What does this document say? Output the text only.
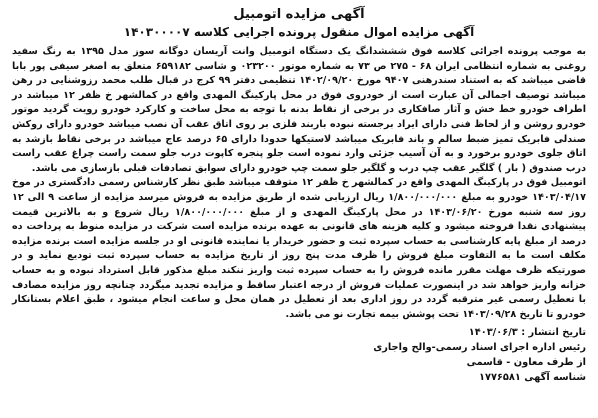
آگهی مزایده اتومبیل
آگهی مزایده اموال منقول پرونده اجرایی کلاسه ۱۴۰۳۰۰۰۰۷

به موجب پرونده اجرائی کلاسه فوق شششدانگ یک دستگاه اتومبیل وانت آریسان دوگانه سوز مدل ۱۳۹۵ به رنگ سفید روغنی به شماره انتظامی ایران ۶۸ - ۲۷۵ ص ۷۳ به شماره موتور ۰۲۳۲۰۰ و شاسی ۶۵۹۱۸۲ متعلق به اصغر سیفی پور بابا قاضی میباشد که به استناد سندرهنی ۹۴۰۷ مورخ ۱۴۰۲/۰۹/۲۰ تنظیمی دفتر ۹۹ کرج در قبال طلب محمد رزوشنایی در رهن میباشد توصیف اجمالی آن عبارت است از خودروی فوق در محل پارکینگ المهدی واقع در کمالشهر خ ظفر ۱۲ میباشد در اطراف خودرو خط خش و آثار صافکاری در برخی از نقاط بدنه با توجه به محل ساخت و کارکرد خودرو رویت گردید موتور خودرو روشن و از لحاظ فنی دارای ایراد برجسته نبوده باربند فلزی بر روی اتاق عقب آن نصب میباشد خودرو دارای روکش صندلی فابریک تمیز ضبط سالم و باند فابریک میباشد لاستیکها حدودا دارای ۶۵ درصد عاج میباشد در برخی نقاط بازشد به اتاق جلوی خودرو برخورد و به آن آسیب جزئی وارد نموده است جلو پنجره کاپوت درب جلو سمت راست چراغ عقب راست درب صندوق ( بار ) گلگیر عقب چپ درب و گلگیر جلو سمت چپ خودرو دارای سوابق تصادفات قبلی بازسازی می باشد.

اتومبیل فوق در پارکینگ المهدی واقع در کمالشهر خ ظفر ۱۲ متوقف میباشد طبق نظر کارشناس رسمی دادگستری در موخ ۱۴۰۳/۰۴/۱۷ خودرو به مبلغ ۱/۸۰۰/۰۰۰/۰۰۰ ریال ارزیابی شده از طریق مزایده به فروش میرسد مزایده از ساعت ۹ الی ۱۲ روز سه شنبه مورخ ۱۴۰۳/۰۶/۲۰ در محل پارکینگ المهدی و از مبلغ ۱/۸۰۰/۰۰۰/۰۰۰ ریال شروع و به بالاترین قیمت پیشنهادی نقدا فروخته میشود و کلیه هزینه های قانونی به عهده برنده مزایده است شرکت در مزایده منوط به پرداخت ده درصد از مبلغ پایه کارشناسی به حساب سپرده ثبت و حضور خریدار یا نماینده قانونی او در جلسه مزایده است برنده مزایده مکلف است ما به التفاوت مبلغ فروش را ظرف مدت پنج روز از تاریخ مزایده به حساب سپرده ثبت تودیع نماید و در صورتیکه ظرف مهلت مقرر مانده فروش را به حساب سپرده ثبت واریز ننکند مبلغ مذکور قابل استرداد نبوده و به حساب خزانه واریز خواهد شد در اینصورت عملیات فروش از درجه اعتبار ساقط و مزایده تجدید میگردد چنانچه روز مزایده مصادف با تعطیل رسمی غیر مترقبه گردد در روز اداری بعد از تعطیل در همان محل و ساعت انجام میشود ، طبق اعلام بستانکار خودرو تا تاریخ ۱۴۰۳/۰۹/۲۸ تحت پوشش بیمه تجارت نو می باشد.

تاریخ انتشار : ۱۴۰۳/۰۶/۳
رئیس اداره اجرای اسناد رسمی-والح واجاری
از طرف معاون - قاسمی
شناسه آگهی ۱۷۷۶۵۸۱
